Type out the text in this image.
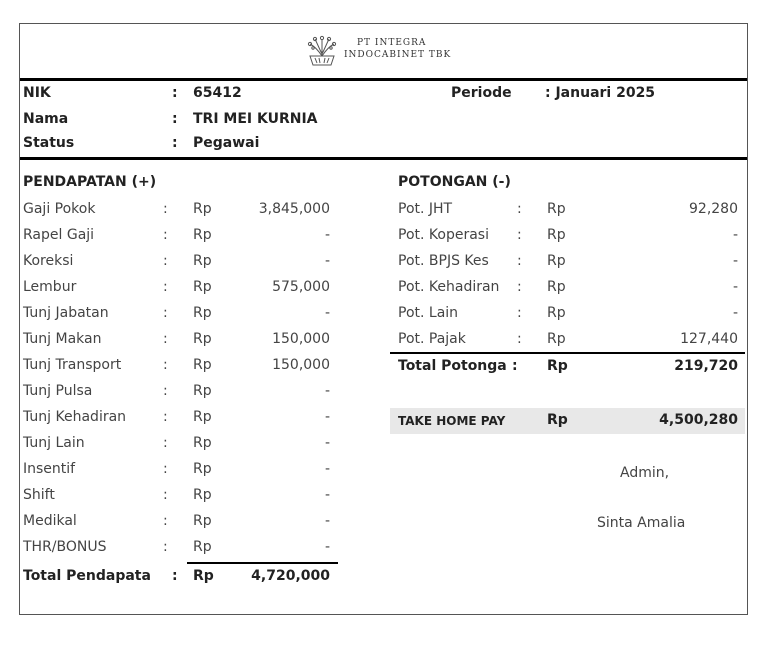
PT INTEGRA
INDOCABINET TBK
NIK	: 65412
Nama	: TRI MEI KURNIA
Status	: Pegawai
Periode : Januari 2025
PENDAPATAN (+)	POTONGAN (-)
Gaji Pokok	: Rp	3,845,000
Rapel Gaji	: Rp	-
Koreksi	: Rp	-
Lembur	: Rp	575,000
Tunj Jabatan	: Rp	-
Tunj Makan	: Rp	150,000
Tunj Transport	: Rp	150,000
Tunj Pulsa	: Rp	-
Tunj Kehadiran	: Rp	-
Tunj Lain	: Rp	-
Insentif	: Rp	-
Shift	: Rp	-
Medikal	: Rp	-
THR/BONUS	: Rp	-
Pot. JHT	: Rp	92,280
Pot. Koperasi : Rp	-
Pot. BPJS Kes : Rp	-
Pot. Kehadiran : Rp	-
Pot. Lain	: Rp	-
Pot. Pajak	: Rp	127,440
Total Pendapata : Rp	4,720,000
Total Potonga : Rp	219,720
TAKE HOME PAY	Rp	4,500,280
Admin,
Sinta Amalia
